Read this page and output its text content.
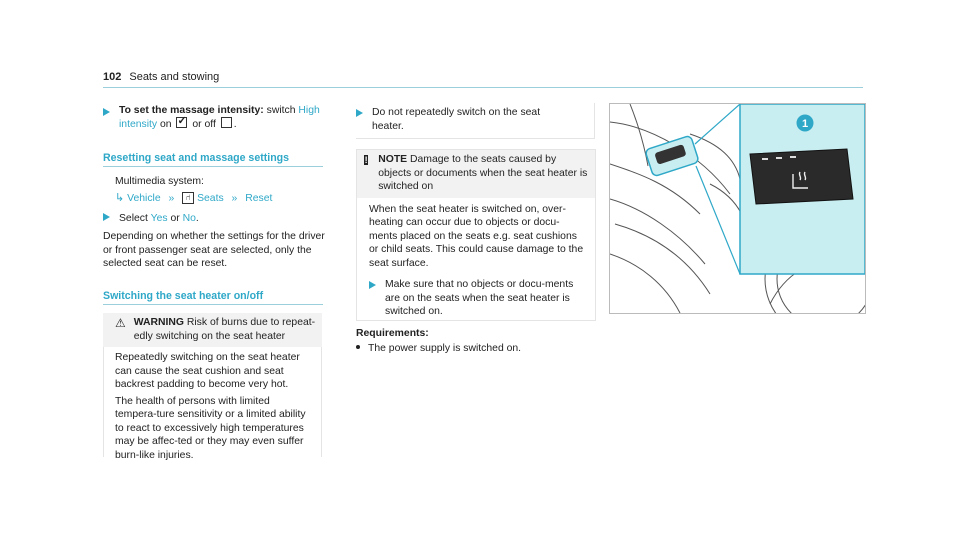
102 Seats and stowing
To set the massage intensity: switch High
intensity on ✓ or off .
Resetting seat and massage settings
Multimedia system:
↳ Vehicle » ⑁ Seats » Reset
Select Yes or No.
Depending on whether the settings for the driver or front passenger seat are selected, only the selected seat can be reset.
Switching the seat heater on/off
⚠ WARNING Risk of burns due to repeat-edly switching on the seat heater
Repeatedly switching on the seat heater can cause the seat cushion and seat backrest padding to become very hot.
The health of persons with limited tempera-ture sensitivity or a limited ability to react to excessively high temperatures may be affec-ted or they may even suffer burn-like injuries.
Do not repeatedly switch on the seat heater.
! NOTE Damage to the seats caused by objects or documents when the seat heater is switched on
When the seat heater is switched on, over-heating can occur due to objects or docu-ments placed on the seats e.g. seat cushions or child seats. This could cause damage to the seat surface.
Make sure that no objects or docu-ments are on the seats when the seat heater is switched on.
Requirements:
The power supply is switched on.
1
